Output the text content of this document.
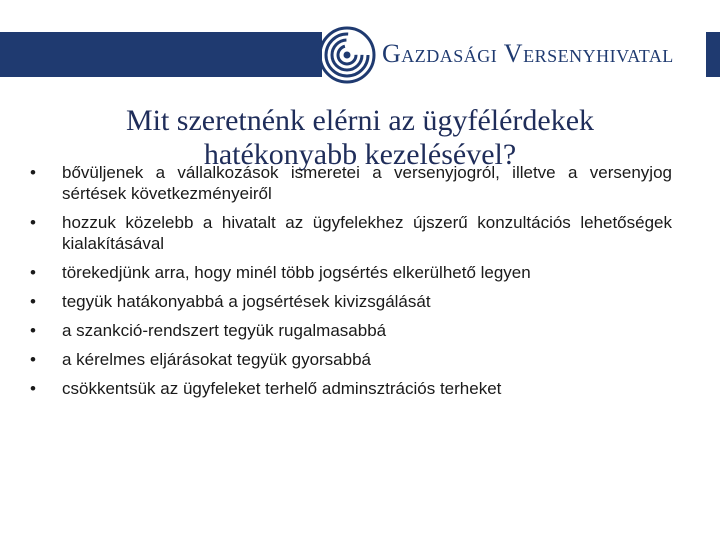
Gazdasági Versenyhivatal
Mit szeretnénk elérni az ügyfélérdekek
hatékonyabb kezelésével?
• bővüljenek a vállalkozások ismeretei a versenyjogról, illetve a versenyjog sértések következményeiről
• hozzuk közelebb a hivatalt az ügyfelekhez újszerű konzultációs lehetőségek kialakításával
• törekedjünk arra, hogy minél több jogsértés elkerülhető legyen
• tegyük hatákonyabbá a jogsértések kivizsgálását
• a szankció-rendszert tegyük rugalmasabbá
• a kérelmes eljárásokat tegyük gyorsabbá
• csökkentsük az ügyfeleket terhelő adminsztrációs terheket
